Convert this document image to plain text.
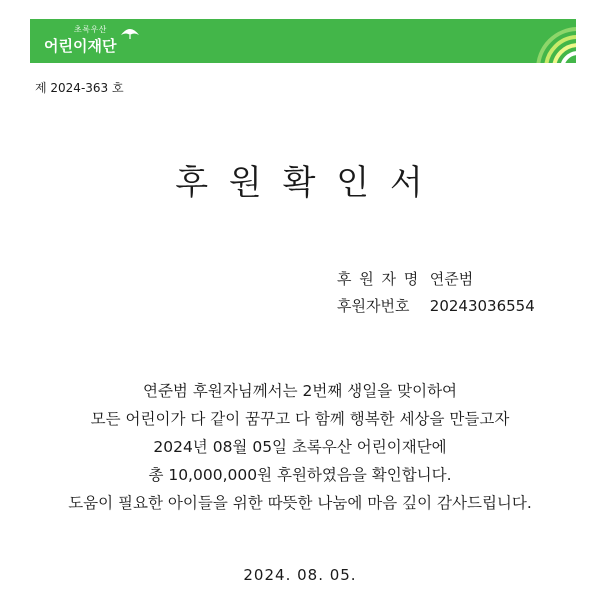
초록우산
어린이재단
제 2024-363 호
후 원 확 인 서
후 원 자 명 연준범
후원자번호 20243036554
연준범 후원자님께서는 2번째 생일을 맞이하여
모든 어린이가 다 같이 꿈꾸고 다 함께 행복한 세상을 만들고자
2024년 08월 05일 초록우산 어린이재단에
총 10,000,000원 후원하였음을 확인합니다.
도움이 필요한 아이들을 위한 따뜻한 나눔에 마음 깊이 감사드립니다.
2024. 08. 05.
